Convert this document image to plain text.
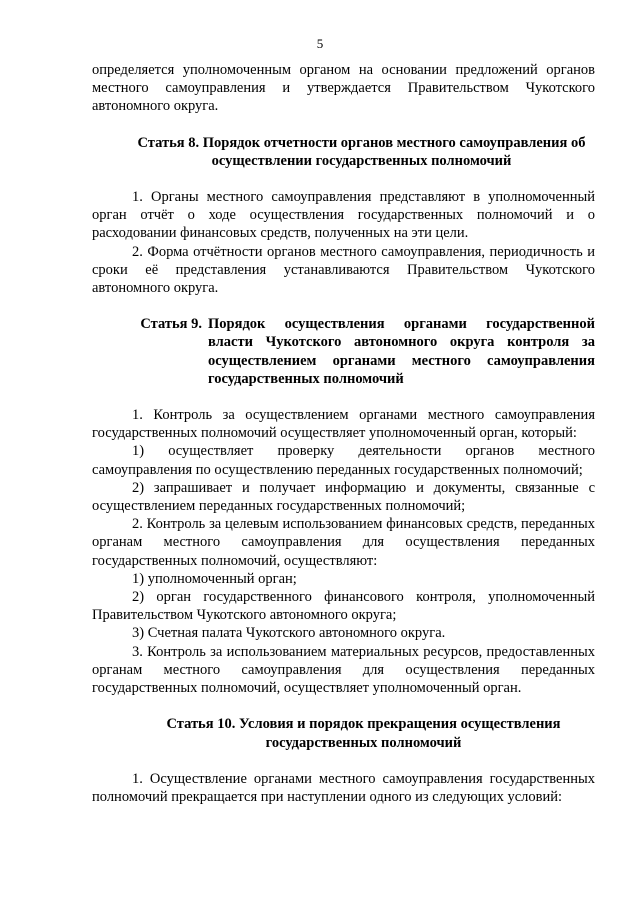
5

определяется уполномоченным органом на основании предложений органов местного самоуправления и утверждается Правительством Чукотского автономного округа.

Статья 8. Порядок отчетности органов местного самоуправления об осуществлении государственных полномочий

1. Органы местного самоуправления представляют в уполномоченный орган отчёт о ходе осуществления государственных полномочий и о расходовании финансовых средств, полученных на эти цели.

2. Форма отчётности органов местного самоуправления, периодичность и сроки её представления устанавливаются Правительством Чукотского автономного округа.

Статья 9. Порядок осуществления органами государственной власти Чукотского автономного округа контроля за осуществлением органами местного самоуправления государственных полномочий

1. Контроль за осуществлением органами местного самоуправления государственных полномочий осуществляет уполномоченный орган, который:

1) осуществляет проверку деятельности органов местного самоуправления по осуществлению переданных государственных полномочий;

2) запрашивает и получает информацию и документы, связанные с осуществлением переданных государственных полномочий;

2. Контроль за целевым использованием финансовых средств, переданных органам местного самоуправления для осуществления переданных государственных полномочий, осуществляют:

1) уполномоченный орган;

2) орган государственного финансового контроля, уполномоченный Правительством Чукотского автономного округа;

3) Счетная палата Чукотского автономного округа.

3. Контроль за использованием материальных ресурсов, предоставленных органам местного самоуправления для осуществления переданных государственных полномочий, осуществляет уполномоченный орган.

Статья 10. Условия и порядок прекращения осуществления государственных полномочий

1. Осуществление органами местного самоуправления государственных полномочий прекращается при наступлении одного из следующих условий:
